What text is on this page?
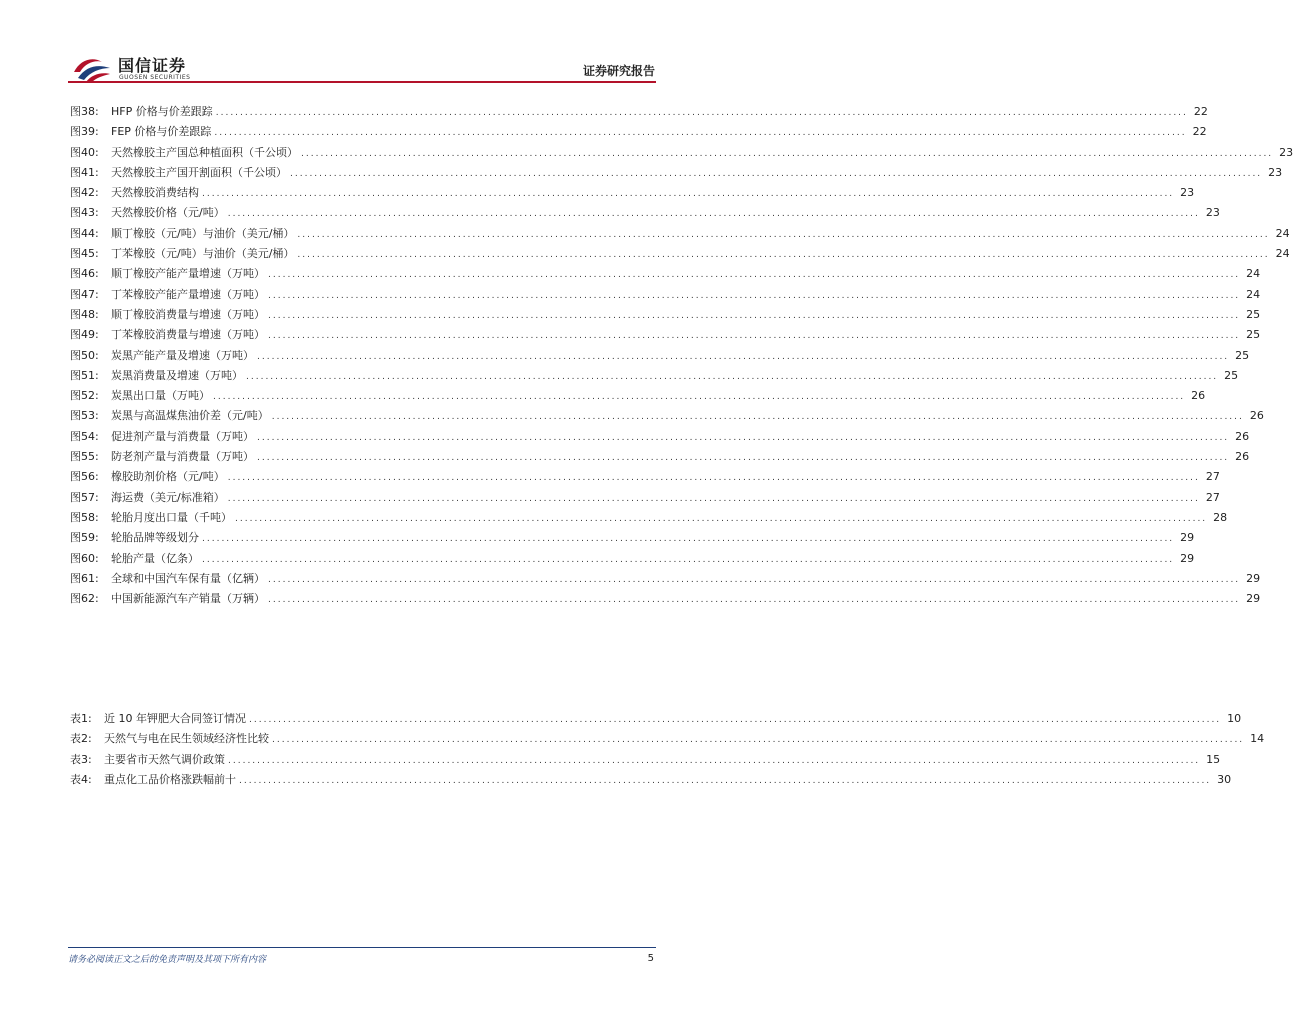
国信证券
GUOSEN SECURITIES	证券研究报告
图38:	HFP 价格与价差跟踪 ........................................................................................................................................................................................................ 22
图39:	FEP 价格与价差跟踪 ........................................................................................................................................................................................................ 22
图40:	天然橡胶主产国总种植面积（千公顷） ........................................................................................................................................................................................................ 23
图41:	天然橡胶主产国开割面积（千公顷） ........................................................................................................................................................................................................ 23
图42:	天然橡胶消费结构 ........................................................................................................................................................................................................ 23
图43:	天然橡胶价格（元/吨） ........................................................................................................................................................................................................ 23
图44:	顺丁橡胶（元/吨）与油价（美元/桶） ........................................................................................................................................................................................................ 24
图45:	丁苯橡胶（元/吨）与油价（美元/桶） ........................................................................................................................................................................................................ 24
图46:	顺丁橡胶产能产量增速（万吨） ........................................................................................................................................................................................................ 24
图47:	丁苯橡胶产能产量增速（万吨） ........................................................................................................................................................................................................ 24
图48:	顺丁橡胶消费量与增速（万吨） ........................................................................................................................................................................................................ 25
图49:	丁苯橡胶消费量与增速（万吨） ........................................................................................................................................................................................................ 25
图50:	炭黑产能产量及增速（万吨） ........................................................................................................................................................................................................ 25
图51:	炭黑消费量及增速（万吨） ........................................................................................................................................................................................................ 25
图52:	炭黑出口量（万吨） ........................................................................................................................................................................................................ 26
图53:	炭黑与高温煤焦油价差（元/吨） ........................................................................................................................................................................................................ 26
图54:	促进剂产量与消费量（万吨） ........................................................................................................................................................................................................ 26
图55:	防老剂产量与消费量（万吨） ........................................................................................................................................................................................................ 26
图56:	橡胶助剂价格（元/吨） ........................................................................................................................................................................................................ 27
图57:	海运费（美元/标准箱） ........................................................................................................................................................................................................ 27
图58:	轮胎月度出口量（千吨） ........................................................................................................................................................................................................ 28
图59:	轮胎品牌等级划分 ........................................................................................................................................................................................................ 29
图60:	轮胎产量（亿条） ........................................................................................................................................................................................................ 29
图61:	全球和中国汽车保有量（亿辆） ........................................................................................................................................................................................................ 29
图62:	中国新能源汽车产销量（万辆） ........................................................................................................................................................................................................ 29
表1:	近 10 年钾肥大合同签订情况 ........................................................................................................................................................................................................ 10
表2:	天然气与电在民生领域经济性比较 ........................................................................................................................................................................................................ 14
表3:	主要省市天然气调价政策 ........................................................................................................................................................................................................ 15
表4:	重点化工品价格涨跌幅前十 ........................................................................................................................................................................................................ 30
请务必阅读正文之后的免责声明及其项下所有内容	5
